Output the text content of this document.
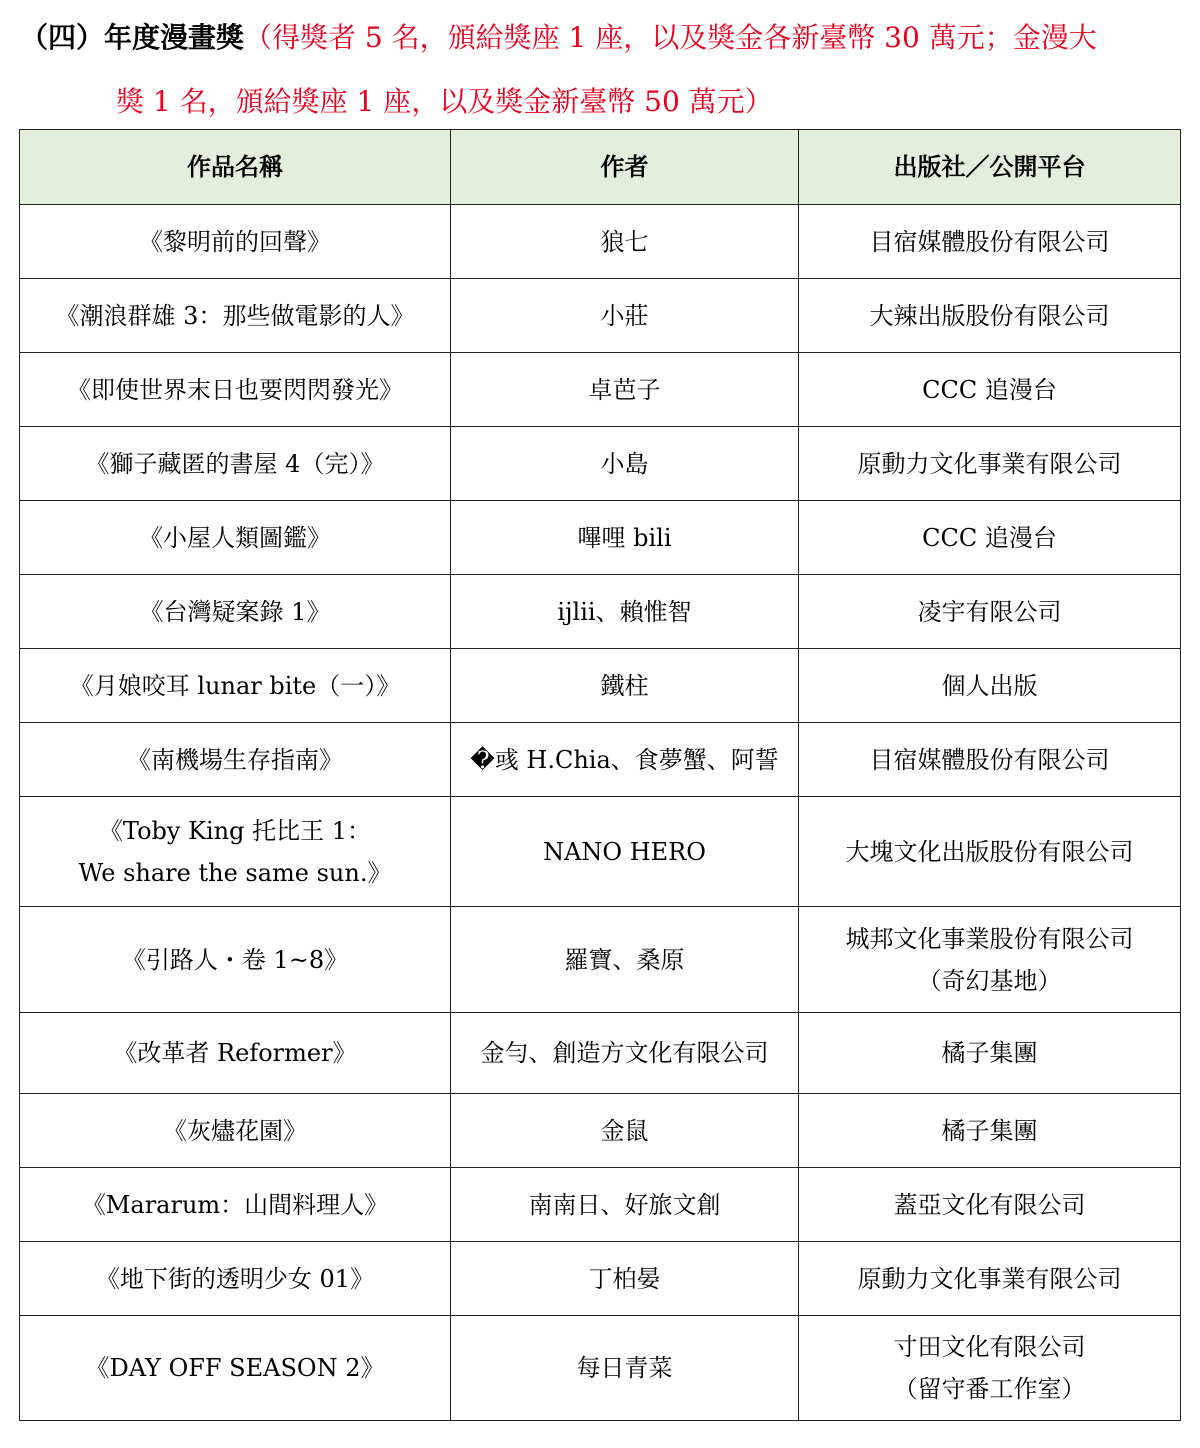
（四）年度漫畫獎（得獎者 5 名，頒給獎座 1 座，以及獎金各新臺幣 30 萬元；金漫大
獎 1 名，頒給獎座 1 座，以及獎金新臺幣 50 萬元）
作品名稱	作者	出版社／公開平台

《黎明前的回聲》	狼七	目宿媒體股份有限公司

《潮浪群雄 3：那些做電影的人》	小莊	大辣出版股份有限公司

《即使世界末日也要閃閃發光》	卓芭子	CCC 追漫台

《獅子藏匿的書屋 4（完）》	小島	原動力文化事業有限公司

《小屋人類圖鑑》	嗶哩 bili	CCC 追漫台

《台灣疑案錄 1》	ijlii、賴惟智	凌宇有限公司

《月娘咬耳 lunar bite（一）》	鐵柱	個人出版

《南機場生存指南》	�彧 H.Chia、食夢蟹、阿誓	目宿媒體股份有限公司

《Toby King 托比王 1：
We share the same sun.》	NANO HERO	大塊文化出版股份有限公司

《引路人・卷 1~8》	羅寶、桑原	城邦文化事業股份有限公司
（奇幻基地）

《改革者 Reformer》	金勻、創造方文化有限公司	橘子集團

《灰燼花園》	金鼠	橘子集團

《Mararum：山間料理人》	南南日、好旅文創	蓋亞文化有限公司

《地下街的透明少女 01》	丁柏晏	原動力文化事業有限公司

《DAY OFF SEASON 2》	每日青菜	寸田文化有限公司
（留守番工作室）
